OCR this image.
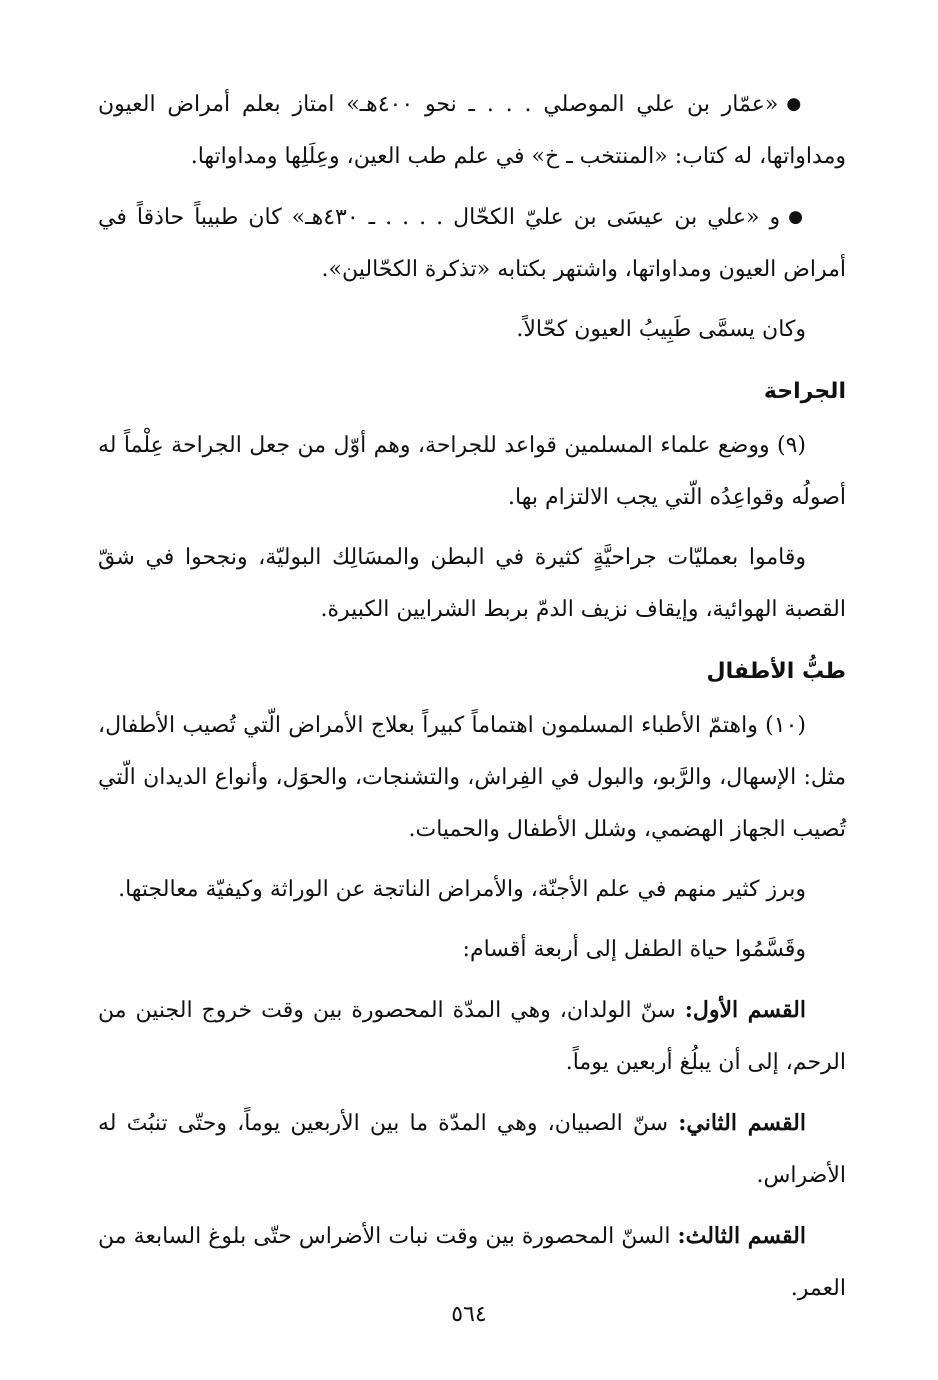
● «عمّار بن علي الموصلي . . . ـ نحو ٤٠٠هـ» امتاز بعلم أمراض العيون ومداواتها، له كتاب: «المنتخب ـ خ» في علم طب العين، وعِلَلِها ومداواتها.

● و «علي بن عيسَى بن عليّ الكحّال . . . . ـ ٤٣٠هـ» كان طبيباً حاذقاً في أمراض العيون ومداواتها، واشتهر بكتابه «تذكرة الكحّالين».

وكان يسمَّى طَبِيبُ العيون كحّالاً.

الجراحة

(٩) ووضع علماء المسلمين قواعد للجراحة، وهم أوّل من جعل الجراحة عِلْماً له أصولُه وقواعِدُه الّتي يجب الالتزام بها.

وقاموا بعمليّات جراحيَّةٍ كثيرة في البطن والمسَالِك البوليّة، ونجحوا في شقّ القصبة الهوائية، وإيقاف نزيف الدمّ بربط الشرايين الكبيرة.

طبُّ الأطفال

(١٠) واهتمّ الأطباء المسلمون اهتماماً كبيراً بعلاج الأمراض الّتي تُصيب الأطفال، مثل: الإسهال، والرَّبو، والبول في الفِراش، والتشنجات، والحوَل، وأنواع الديدان الّتي تُصيب الجهاز الهضمي، وشلل الأطفال والحميات.

وبرز كثير منهم في علم الأجنّة، والأمراض الناتجة عن الوراثة وكيفيّة معالجتها.

وقَسَّمُوا حياة الطفل إلى أربعة أقسام:

القسم الأول: سنّ الولدان، وهي المدّة المحصورة بين وقت خروج الجنين من الرحم، إلى أن يبلُغ أربعين يوماً.

القسم الثاني: سنّ الصبيان، وهي المدّة ما بين الأربعين يوماً، وحتّى تنبُتَ له الأضراس.

القسم الثالث: السنّ المحصورة بين وقت نبات الأضراس حتّى بلوغ السابعة من العمر.

٥٦٤
